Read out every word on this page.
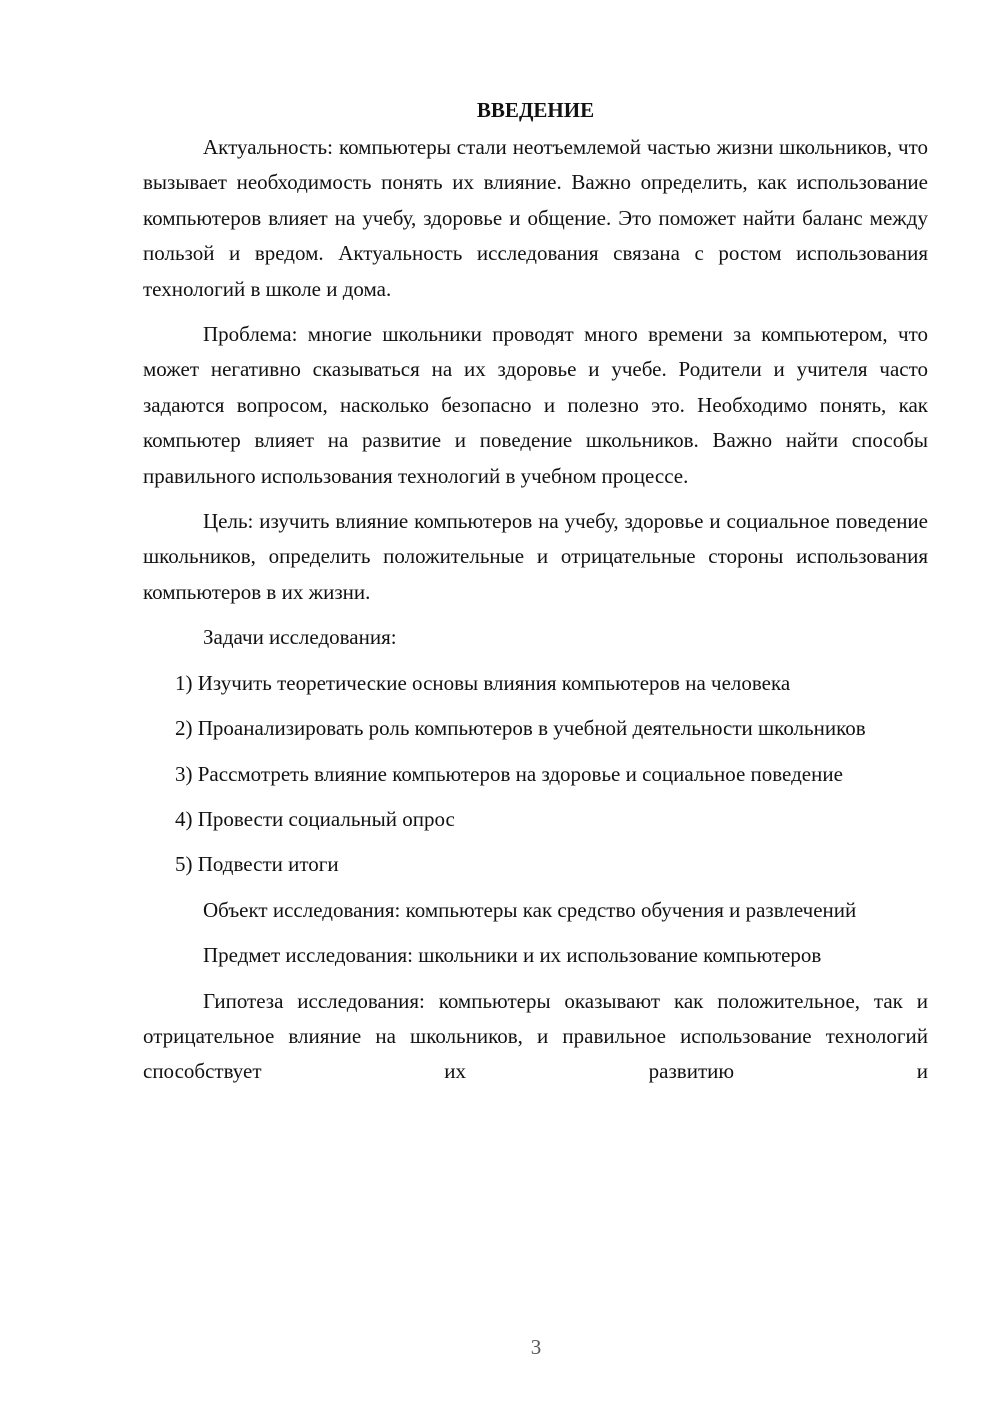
ВВЕДЕНИЕ

Актуальность: компьютеры стали неотъемлемой частью жизни школьников, что вызывает необходимость понять их влияние. Важно определить, как использование компьютеров влияет на учебу, здоровье и общение. Это поможет найти баланс между пользой и вредом. Актуальность исследования связана с ростом использования технологий в школе и дома.

Проблема: многие школьники проводят много времени за компьютером, что может негативно сказываться на их здоровье и учебе. Родители и учителя часто задаются вопросом, насколько безопасно и полезно это. Необходимо понять, как компьютер влияет на развитие и поведение школьников. Важно найти способы правильного использования технологий в учебном процессе.

Цель: изучить влияние компьютеров на учебу, здоровье и социальное поведение школьников, определить положительные и отрицательные стороны использования компьютеров в их жизни.

Задачи исследования:

1) Изучить теоретические основы влияния компьютеров на человека

2) Проанализировать роль компьютеров в учебной деятельности школьников

3) Рассмотреть влияние компьютеров на здоровье и социальное поведение

4) Провести социальный опрос

5) Подвести итоги

Объект исследования: компьютеры как средство обучения и развлечений

Предмет исследования: школьники и их использование компьютеров

Гипотеза исследования: компьютеры оказывают как положительное, так и отрицательное влияние на школьников, и правильное использование технологий способствует их развитию и

3
